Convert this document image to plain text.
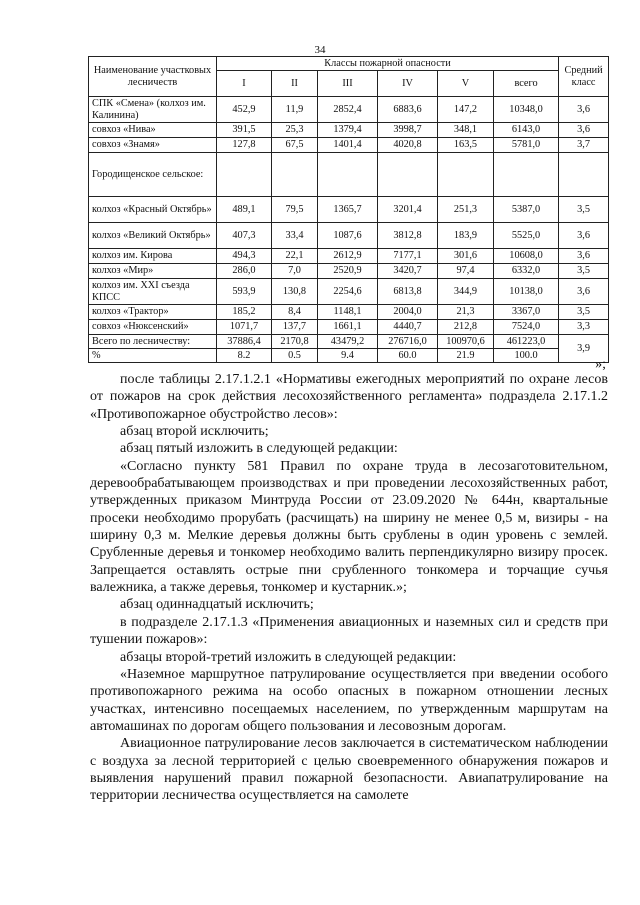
34
Наименование участковых лесничеств	Классы пожарной опасности						Средний класс
	I	II	III	IV	V	всего	
СПК «Смена» (колхоз им. Калинина)	452,9	11,9	2852,4	6883,6	147,2	10348,0	3,6
совхоз «Нива»	391,5	25,3	1379,4	3998,7	348,1	6143,0	3,6
совхоз «Знамя»	127,8	67,5	1401,4	4020,8	163,5	5781,0	3,7
Городищенское сельское:							
колхоз «Красный Октябрь»	489,1	79,5	1365,7	3201,4	251,3	5387,0	3,5
колхоз «Великий Октябрь»	407,3	33,4	1087,6	3812,8	183,9	5525,0	3,6
колхоз им. Кирова	494,3	22,1	2612,9	7177,1	301,6	10608,0	3,6
колхоз «Мир»	286,0	7,0	2520,9	3420,7	97,4	6332,0	3,5
колхоз им. XXI съезда КПСС	593,9	130,8	2254,6	6813,8	344,9	10138,0	3,6
колхоз «Трактор»	185,2	8,4	1148,1	2004,0	21,3	3367,0	3,5
совхоз «Нюксенский»	1071,7	137,7	1661,1	4440,7	212,8	7524,0	3,3
Всего по лесничеству:	37886,4	2170,8	43479,2	276716,0	100970,6	461223,0	3,9
%	8.2	0.5	9.4	60.0	21.9	100.0	
»;

после таблицы 2.17.1.2.1 «Нормативы ежегодных мероприятий по охране лесов от пожаров на срок действия лесохозяйственного регламента» подраздела 2.17.1.2 «Противопожарное обустройство лесов»:

абзац второй исключить;

абзац пятый изложить в следующей редакции:

«Согласно пункту 581 Правил по охране труда в лесозаготовительном, деревообрабатывающем производствах и при проведении лесохозяйственных работ, утвержденных приказом Минтруда России от 23.09.2020 № 644н, квартальные просеки необходимо прорубать (расчищать) на ширину не менее 0,5 м, визиры - на ширину 0,3 м. Мелкие деревья должны быть срублены в один уровень с землей. Срубленные деревья и тонкомер необходимо валить перпендикулярно визиру просек. Запрещается оставлять острые пни срубленного тонкомера и торчащие сучья валежника, а также деревья, тонкомер и кустарник.»;

абзац одиннадцатый исключить;

в подразделе 2.17.1.3 «Применения авиационных и наземных сил и средств при тушении пожаров»:

абзацы второй-третий изложить в следующей редакции:

«Наземное маршрутное патрулирование осуществляется при введении особого противопожарного режима на особо опасных в пожарном отношении лесных участках, интенсивно посещаемых населением, по утвержденным маршрутам на автомашинах по дорогам общего пользования и лесовозным дорогам.

Авиационное патрулирование лесов заключается в систематическом наблюдении с воздуха за лесной территорией с целью своевременного обнаружения пожаров и выявления нарушений правил пожарной безопасности. Авиапатрулирование на территории лесничества осуществляется на самолете
